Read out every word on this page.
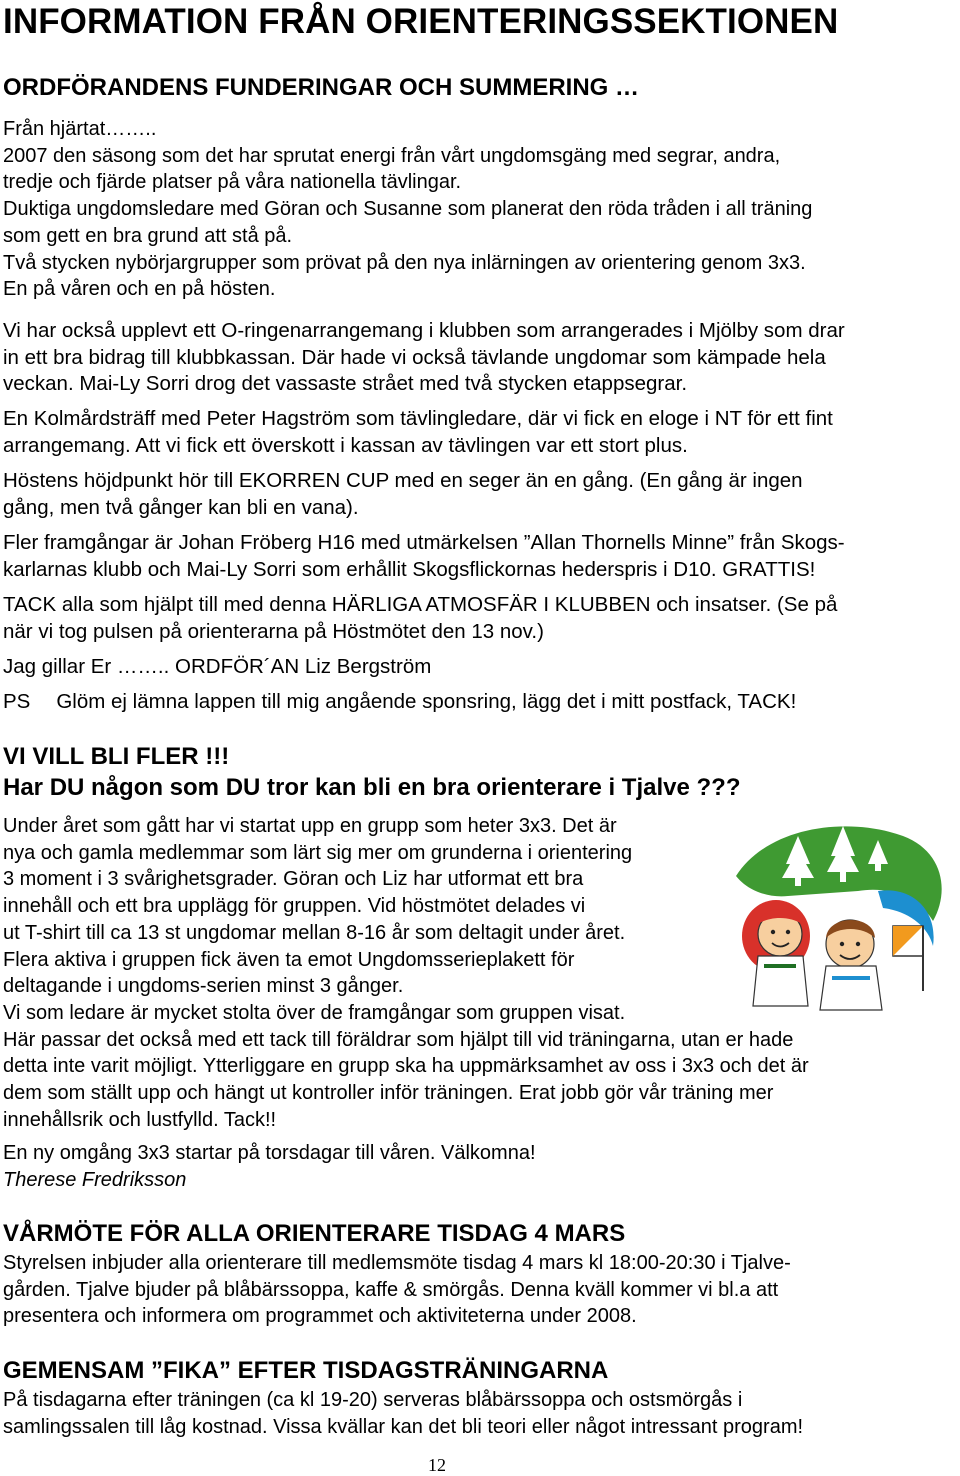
INFORMATION FRÅN ORIENTERINGSSEKTIONEN
ORDFÖRANDENS FUNDERINGAR OCH SUMMERING …
Från hjärtat……..
2007 den säsong som det har sprutat energi från vårt ungdomsgäng med segrar, andra,
tredje och fjärde platser på våra nationella tävlingar.
Duktiga ungdomsledare med Göran och Susanne som planerat den röda tråden i all träning
som gett en bra grund att stå på.
Två stycken nybörjargrupper som prövat på den nya inlärningen av orientering genom 3x3.
En på våren och en på hösten.
Vi har också upplevt ett O-ringenarrangemang i klubben som arrangerades i Mjölby som drar
in ett bra bidrag till klubbkassan. Där hade vi också tävlande ungdomar som kämpade hela
veckan. Mai-Ly Sorri drog det vassaste strået med två stycken etappsegrar.
En Kolmårdsträff med Peter Hagström som tävlingledare, där vi fick en eloge i NT för ett fint
arrangemang. Att vi fick ett överskott i kassan av tävlingen var ett stort plus.
Höstens höjdpunkt hör till EKORREN CUP med en seger än en gång. (En gång är ingen
gång, men två gånger kan bli en vana).
Fler framgångar är Johan Fröberg H16 med utmärkelsen ”Allan Thornells Minne” från Skogs-
karlarnas klubb och Mai-Ly Sorri som erhållit Skogsflickornas hederspris i D10. GRATTIS!
TACK alla som hjälpt till med denna HÄRLIGA ATMOSFÄR I KLUBBEN och insatser. (Se på
när vi tog pulsen på orienterarna på Höstmötet den 13 nov.)
Jag gillar Er …….. ORDFÖR´AN Liz Bergström
PS Glöm ej lämna lappen till mig angående sponsring, lägg det i mitt postfack, TACK!
VI VILL BLI FLER !!!
Har DU någon som DU tror kan bli en bra orienterare i Tjalve ???
Under året som gått har vi startat upp en grupp som heter 3x3. Det är
nya och gamla medlemmar som lärt sig mer om grunderna i orientering
3 moment i 3 svårighetsgrader. Göran och Liz har utformat ett bra
innehåll och ett bra upplägg för gruppen. Vid höstmötet delades vi
ut T-shirt till ca 13 st ungdomar mellan 8-16 år som deltagit under året.
Flera aktiva i gruppen fick även ta emot Ungdomsserieplakett för
deltagande i ungdoms-serien minst 3 gånger.
Vi som ledare är mycket stolta över de framgångar som gruppen visat.
Här passar det också med ett tack till föräldrar som hjälpt till vid träningarna, utan er hade
detta inte varit möjligt. Ytterliggare en grupp ska ha uppmärksamhet av oss i 3x3 och det är
dem som ställt upp och hängt ut kontroller inför träningen. Erat jobb gör vår träning mer
innehållsrik och lustfylld. Tack!!
En ny omgång 3x3 startar på torsdagar till våren. Välkomna!
Therese Fredriksson
VÅRMÖTE FÖR ALLA ORIENTERARE TISDAG 4 MARS
Styrelsen inbjuder alla orienterare till medlemsmöte tisdag 4 mars kl 18:00-20:30 i Tjalve-
gården. Tjalve bjuder på blåbärssoppa, kaffe & smörgås. Denna kväll kommer vi bl.a att
presentera och informera om programmet och aktiviteterna under 2008.
GEMENSAM ”FIKA” EFTER TISDAGSTRÄNINGARNA
På tisdagarna efter träningen (ca kl 19-20) serveras blåbärssoppa och ostsmörgås i
samlingssalen till låg kostnad. Vissa kvällar kan det bli teori eller något intressant program!
12
